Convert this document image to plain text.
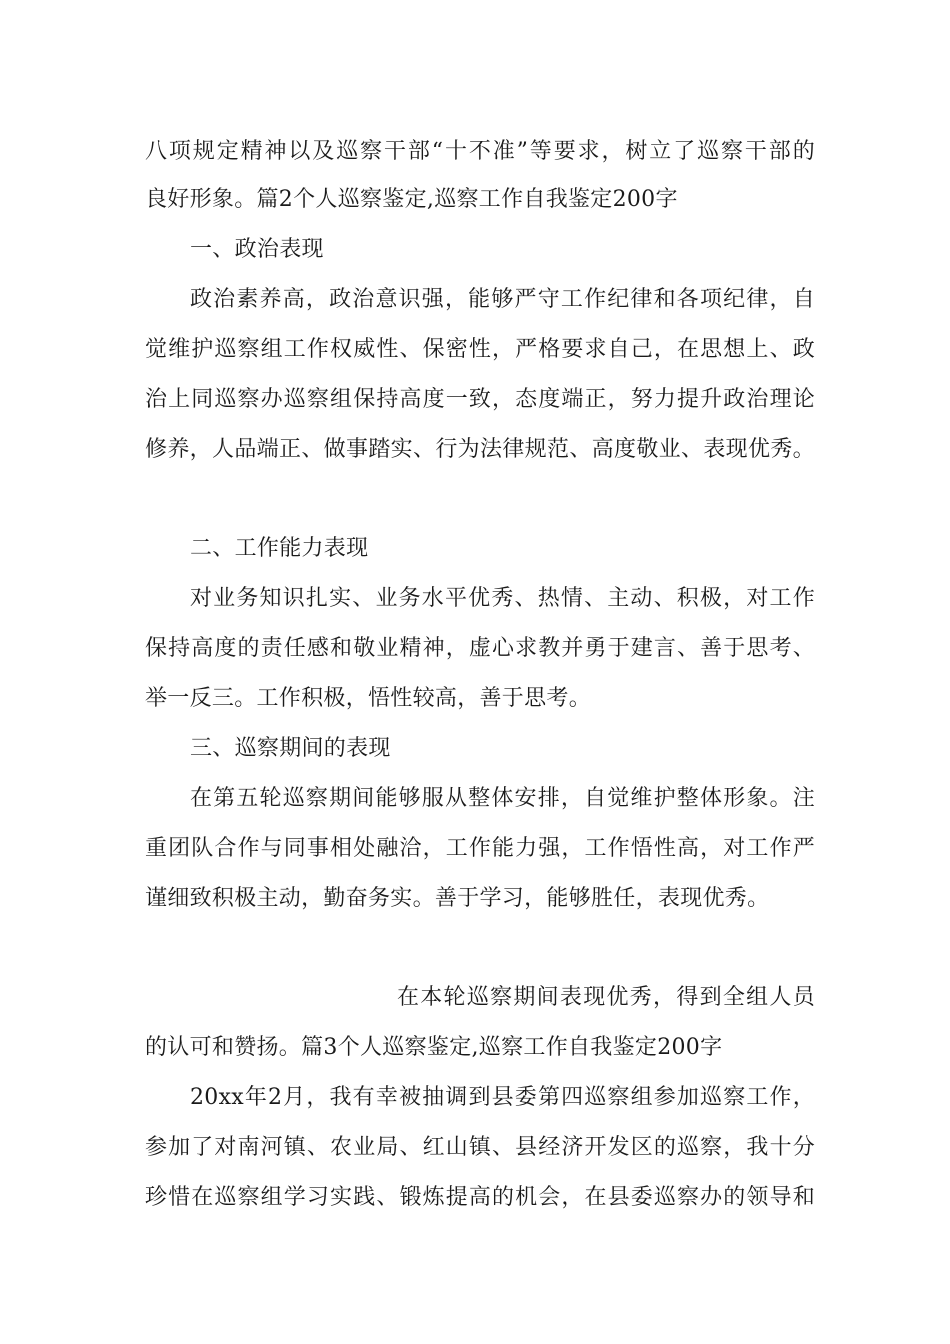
八项规定精神以及巡察干部“十不准”等要求，树立了巡察干部的
良好形象。篇2个人巡察鉴定,巡察工作自我鉴定200字
一、政治表现
政治素养高，政治意识强，能够严守工作纪律和各项纪律，自
觉维护巡察组工作权威性、保密性，严格要求自己，在思想上、政
治上同巡察办巡察组保持高度一致，态度端正，努力提升政治理论
修养，人品端正、做事踏实、行为法律规范、高度敬业、表现优秀。
二、工作能力表现
对业务知识扎实、业务水平优秀、热情、主动、积极，对工作
保持高度的责任感和敬业精神，虚心求教并勇于建言、善于思考、
举一反三。工作积极，悟性较高，善于思考。
三、巡察期间的表现
在第五轮巡察期间能够服从整体安排，自觉维护整体形象。注
重团队合作与同事相处融洽，工作能力强，工作悟性高，对工作严
谨细致积极主动，勤奋务实。善于学习，能够胜任，表现优秀。
在本轮巡察期间表现优秀，得到全组人员
的认可和赞扬。篇3个人巡察鉴定,巡察工作自我鉴定200字
20xx年2月，我有幸被抽调到县委第四巡察组参加巡察工作，
参加了对南河镇、农业局、红山镇、县经济开发区的巡察，我十分
珍惜在巡察组学习实践、锻炼提高的机会，在县委巡察办的领导和
